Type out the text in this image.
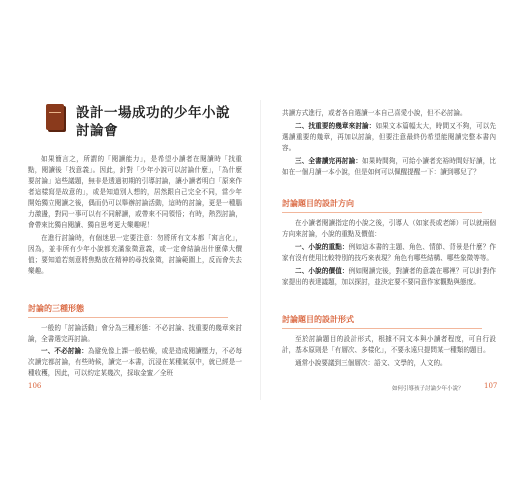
設計一場成功的少年小說
討論會

如果簡言之，所謂的「閱讀能力」，是希望小讀者在閱讀時「找重點，閱讀後「找意義」。因此，針對「少年小說可以討論什麼」，「為什麼要討論」這些議題，無非是透過初期的引導討論，讓小讀者明白「原來作者這樣寫是故意的」，或是知道別人想的，居然跟自己完全不同，當少年開始獨立閱讀之後，偶而仍可以舉辦討論活動，這時的討論，更是一種腦力激盪，對同一事可以有不同解讀，或帶來不同領悟；有時，熱烈討論，會帶來比獨自閱讀、獨自思考更大樂趣呢！

在進行討論時，有個迷思一定要注意：勿將所有文本都「寓言化」，因為，並非所有少年小說都充滿象徵意義，或一定會結論出什麼偉大價值；要知道若刻意將焦點放在精神的尋找象徵，討論範圍上，反而會失去樂趣。

討論的三種形態

一般的「討論活動」會分為三種形態：不必討論、找重要的幾章來討論，全書選完再討論。

一、不必討論：為避免像上課一般枯燥，或是造成閱讀壓力，不必每次讀完都討論，有些時候，讀完一本書，沉浸在某種氣氛中，就已經是一種收穫，因此，可以約定某幾次，採取金蜜／全班

106

共讀方式進行，或者各自選讀一本自己喜愛小說，但不必討論。

二、找重要的幾章來討論：如果文本篇幅太大，時間又不夠，可以先選讀重要的幾章，再加以討論，但要注意最終仍希望能閱讀完整本書內容。

三、全書讀完再討論：如果時間夠，可給小讀者充裕時間好好讀，比如在一個月讀一本小說，但是如何可以佩醒提醒一下：讀到哪兒了？

討論題目的設計方向

在小讀者閱讀指定的小說之後，引導人（如家長或老師）可以就兩個方向來討論，小說的重點及價值：

一、小說的重點：例如這本書的主題、角色、情節、背景是什麼？作家有沒有使用比較特別的技巧來表現？角色有哪些結構、哪些象徵等等。

二、小說的價值：例如閱讀完後，對讀者的意義在哪裡？可以針對作家提出的表達議題，加以探討，並決定要不要同意作家觀點與態度。

討論題目的設計形式

至於討論題目的設計形式，根據不同文本與小讀者程度，可自行設計，基本原則是「有層次、多樣化」，不要永遠只提問某一種類的題目。

通常小說要議到三個層次：語文、文學的，人文的。

如何引導孩子討論少年小說？	107
